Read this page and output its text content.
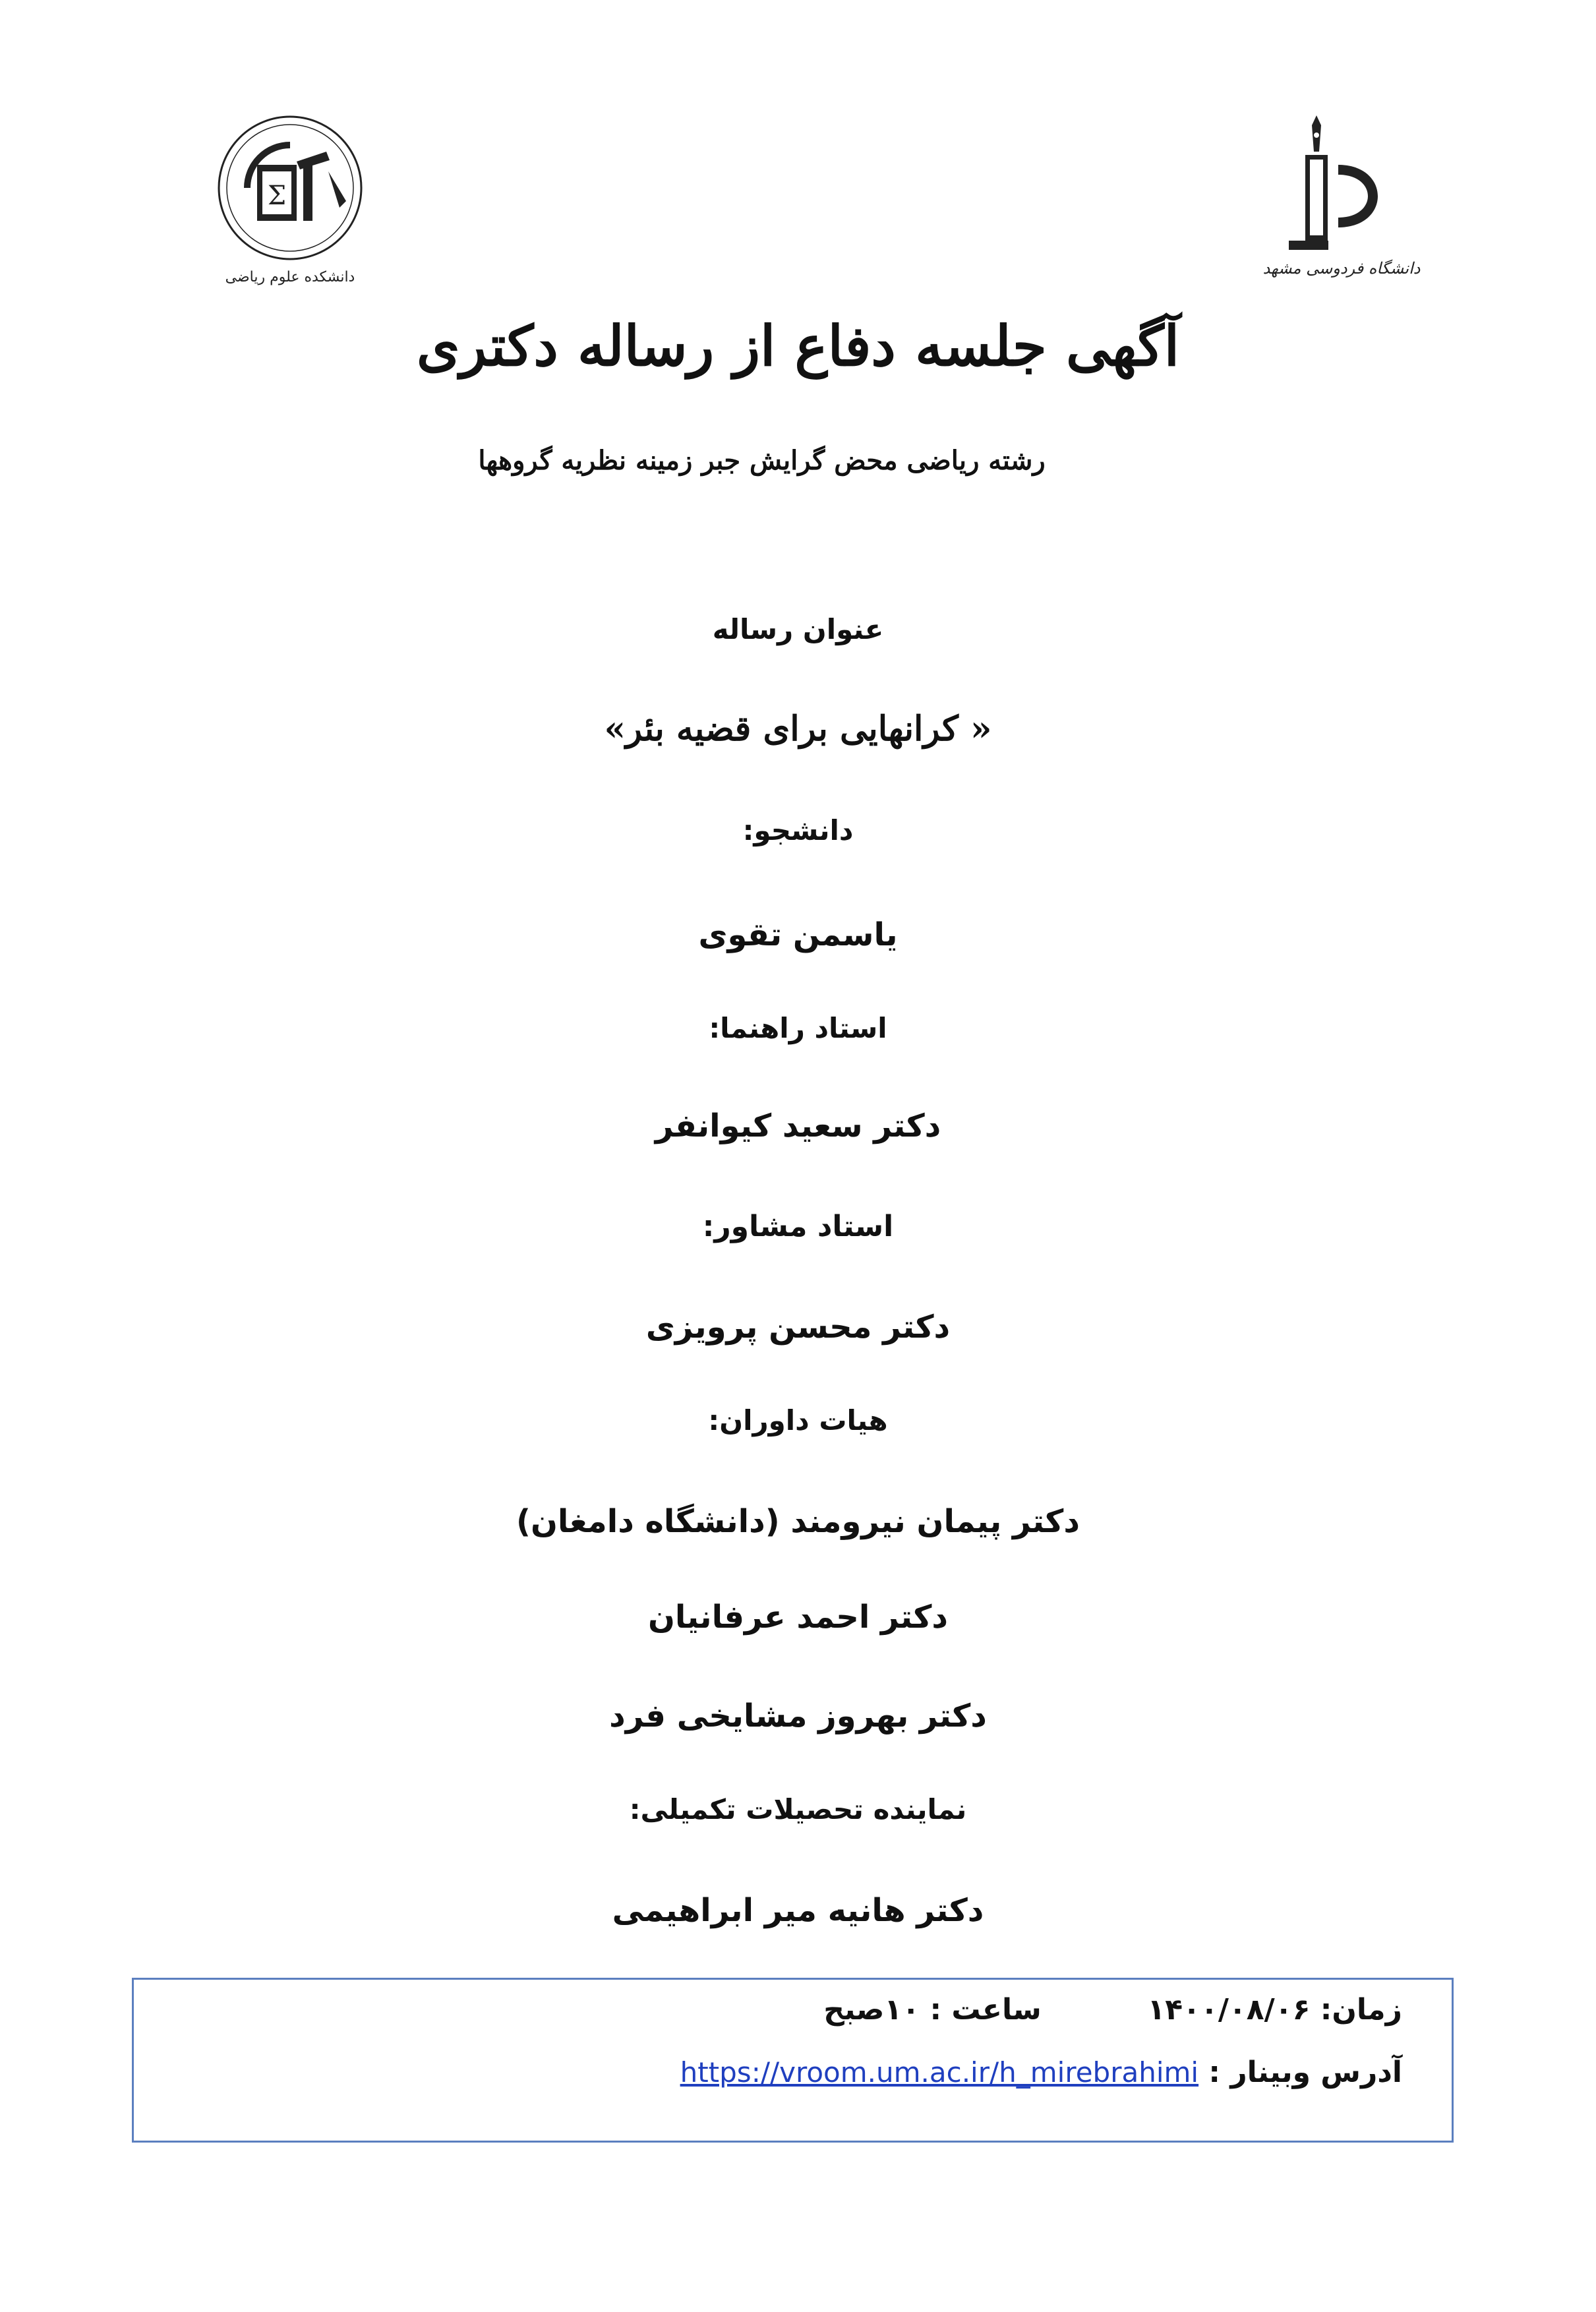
Σ
دانشکده علوم ریاضی	دانشگاه فردوسی مشهد
آگهی جلسه دفاع از رساله دکتری
رشته ریاضی محض گرایش جبر زمینه نظریه گروهها
عنوان رساله
« کرانهایی برای قضیه بئر»
دانشجو:
یاسمن تقوی
استاد راهنما:
دکتر سعید کیوانفر
استاد مشاور:
دکتر محسن پرویزی
هیات داوران:
دکتر پیمان نیرومند (دانشگاه دامغان)
دکتر احمد عرفانیان
دکتر بهروز مشایخی فرد
نماینده تحصیلات تکمیلی:
دکتر هانیه میر ابراهیمی
زمان: ۱۴۰۰/۰۸/۰۶  ساعت : ۱۰صبح
آدرس وبینار : https://vroom.um.ac.ir/h_mirebrahimi
